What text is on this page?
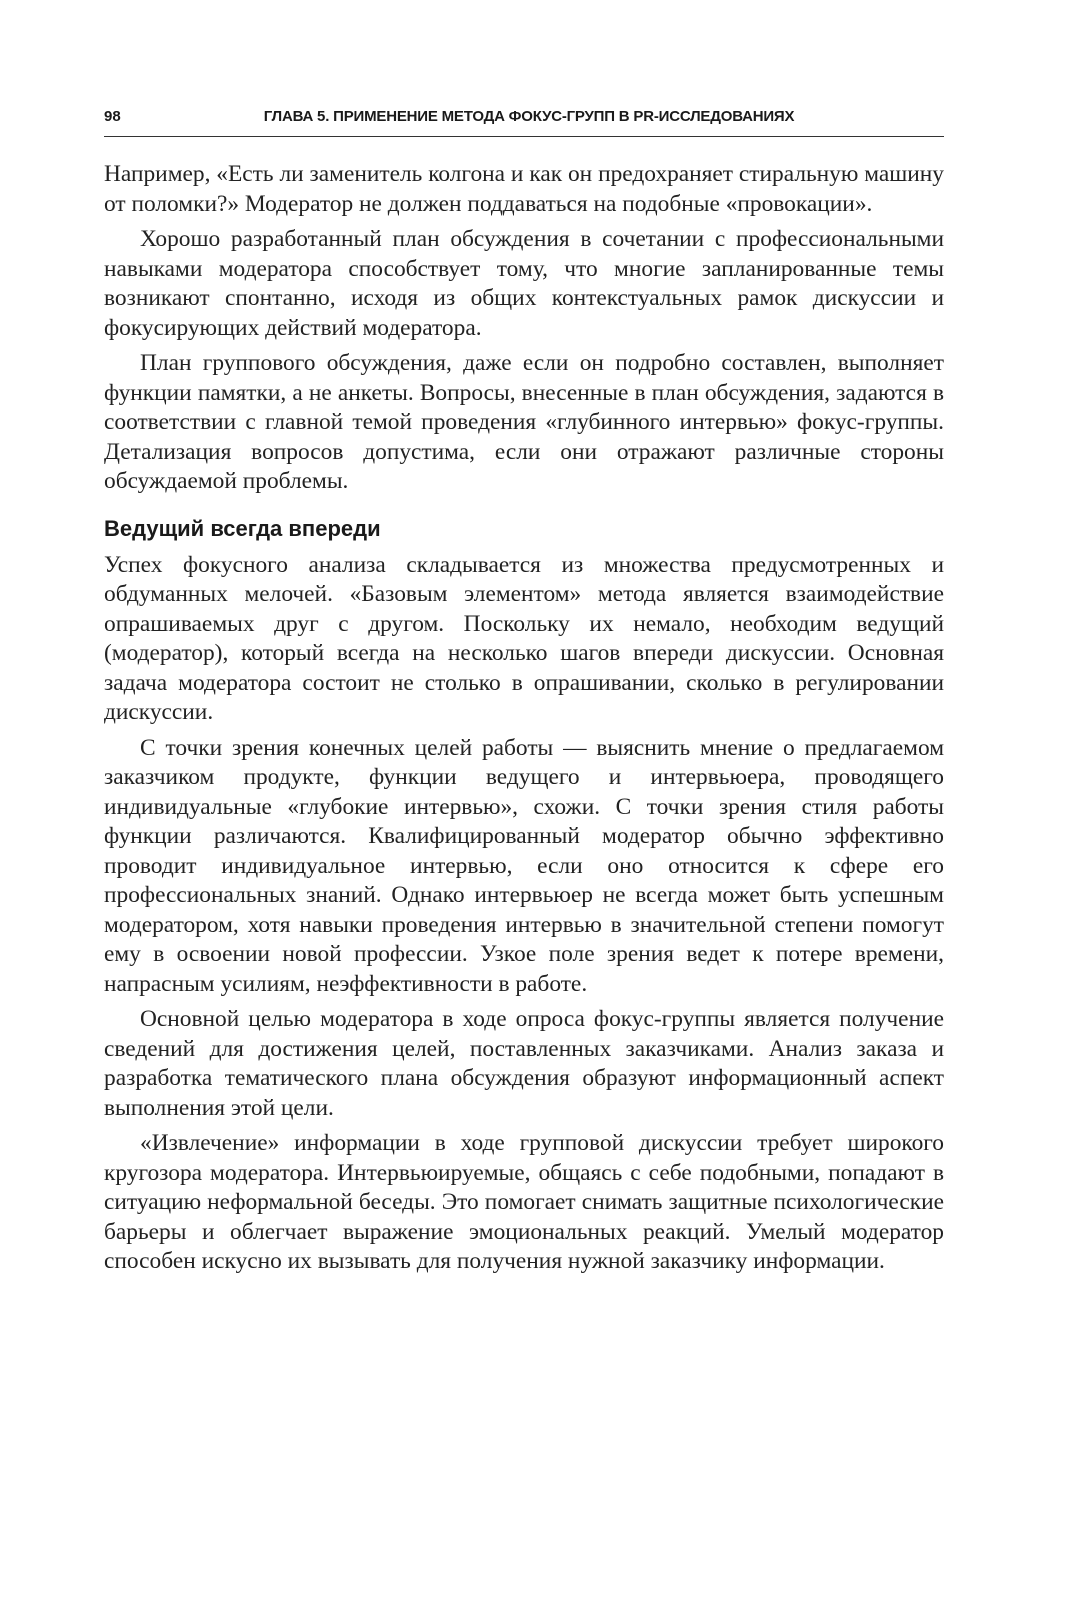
98	ГЛАВА 5. ПРИМЕНЕНИЕ МЕТОДА ФОКУС-ГРУПП В PR-ИССЛЕДОВАНИЯХ

Например, «Есть ли заменитель колгона и как он предохраняет стиральную машину от поломки?» Модератор не должен поддаваться на подобные «провокации».

Хорошо разработанный план обсуждения в сочетании с профессиональными навыками модератора способствует тому, что многие запланированные темы возникают спонтанно, исходя из общих контекстуальных рамок дискуссии и фокусирующих действий модератора.

План группового обсуждения, даже если он подробно составлен, выполняет функции памятки, а не анкеты. Вопросы, внесенные в план обсуждения, задаются в соответствии с главной темой проведения «глубинного интервью» фокус-группы. Детализация вопросов допустима, если они отражают различные стороны обсуждаемой проблемы.

Ведущий всегда впереди

Успех фокусного анализа складывается из множества предусмотренных и обдуманных мелочей. «Базовым элементом» метода является взаимодействие опрашиваемых друг с другом. Поскольку их немало, необходим ведущий (модератор), который всегда на несколько шагов впереди дискуссии. Основная задача модератора состоит не столько в опрашивании, сколько в регулировании дискуссии.

С точки зрения конечных целей работы — выяснить мнение о предлагаемом заказчиком продукте, функции ведущего и интервьюера, проводящего индивидуальные «глубокие интервью», схожи. С точки зрения стиля работы функции различаются. Квалифицированный модератор обычно эффективно проводит индивидуальное интервью, если оно относится к сфере его профессиональных знаний. Однако интервьюер не всегда может быть успешным модератором, хотя навыки проведения интервью в значительной степени помогут ему в освоении новой профессии. Узкое поле зрения ведет к потере времени, напрасным усилиям, неэффективности в работе.

Основной целью модератора в ходе опроса фокус-группы является получение сведений для достижения целей, поставленных заказчиками. Анализ заказа и разработка тематического плана обсуждения образуют информационный аспект выполнения этой цели.

«Извлечение» информации в ходе групповой дискуссии требует широкого кругозора модератора. Интервьюируемые, общаясь с себе подобными, попадают в ситуацию неформальной беседы. Это помогает снимать защитные психологические барьеры и облегчает выражение эмоциональных реакций. Умелый модератор способен искусно их вызывать для получения нужной заказчику информации.
